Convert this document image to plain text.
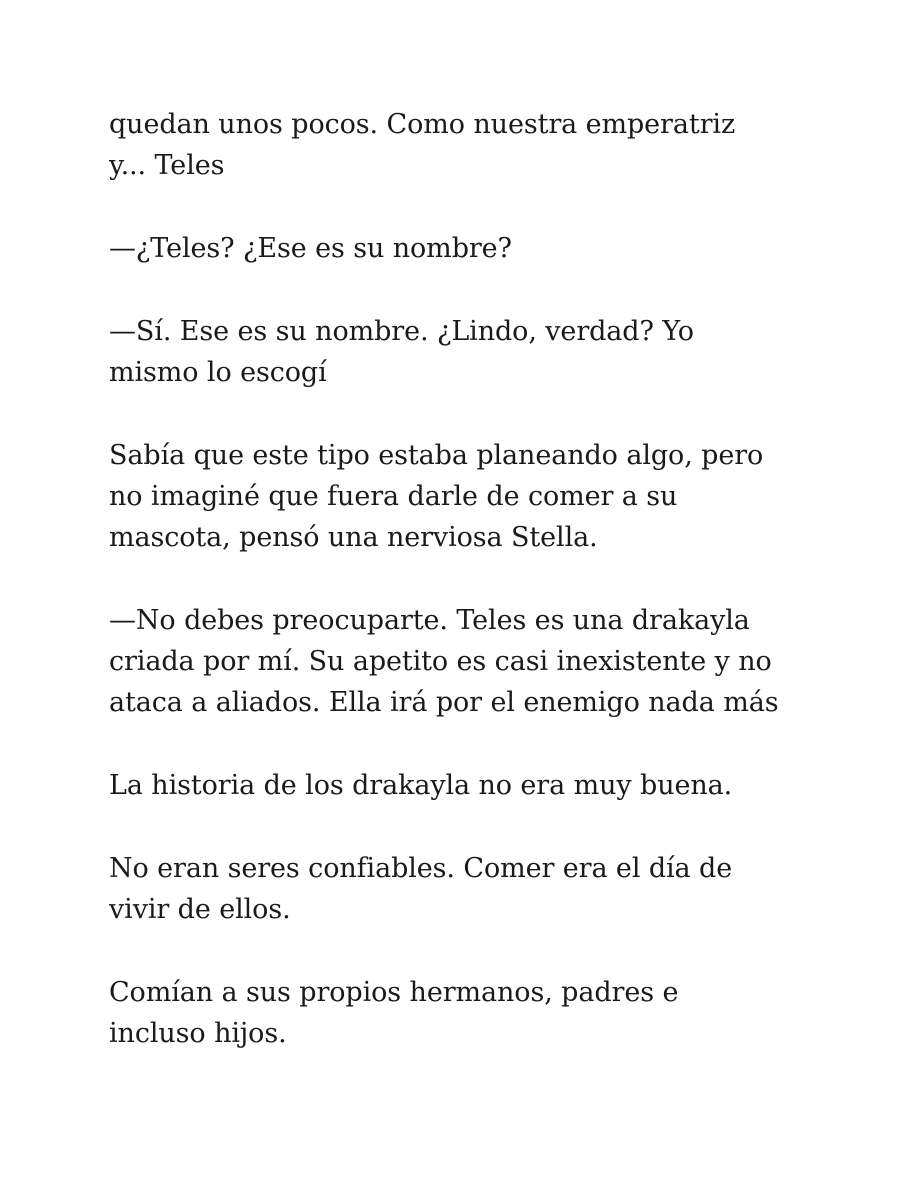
quedan unos pocos. Como nuestra emperatriz
y... Teles

—¿Teles? ¿Ese es su nombre?

—Sí. Ese es su nombre. ¿Lindo, verdad? Yo
mismo lo escogí

Sabía que este tipo estaba planeando algo, pero
no imaginé que fuera darle de comer a su
mascota, pensó una nerviosa Stella.

—No debes preocuparte. Teles es una drakayla
criada por mí. Su apetito es casi inexistente y no
ataca a aliados. Ella irá por el enemigo nada más

La historia de los drakayla no era muy buena.

No eran seres confiables. Comer era el día de
vivir de ellos.

Comían a sus propios hermanos, padres e
incluso hijos.
